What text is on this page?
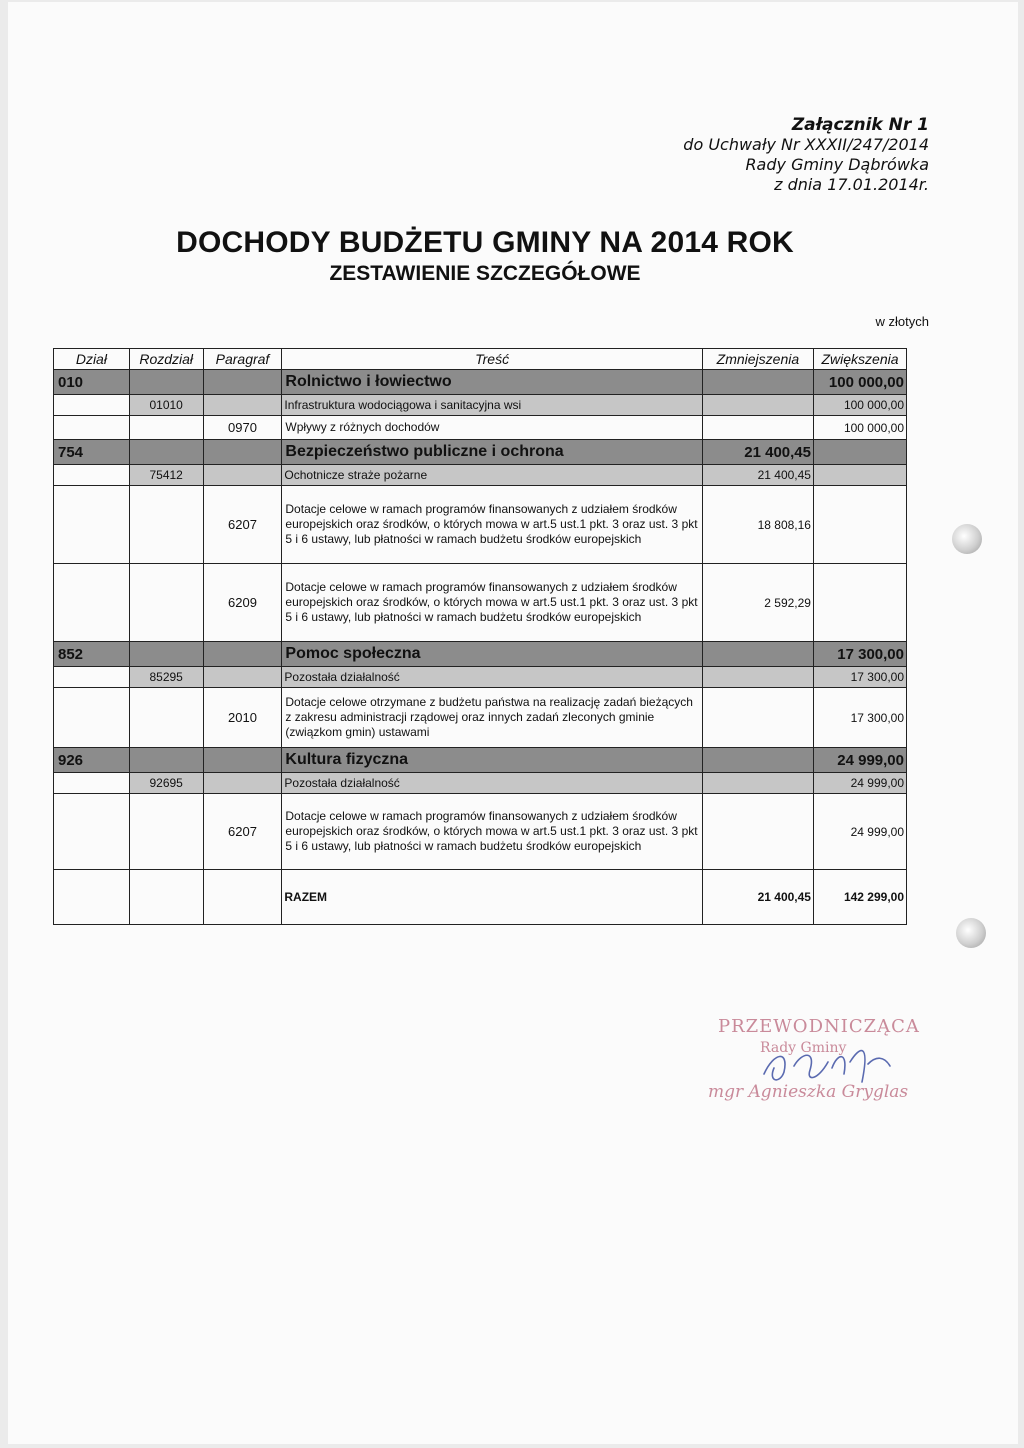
Załącznik Nr 1
do Uchwały Nr XXXII/247/2014
Rady Gminy Dąbrówka
z dnia 17.01.2014r.
DOCHODY BUDŻETU GMINY NA 2014 ROK
ZESTAWIENIE SZCZEGÓŁOWE
w złotych
Dział	Rozdział	Paragraf	Treść	Zmniejszenia	Zwiększenia
010			Rolnictwo i łowiectwo		100 000,00
	01010		Infrastruktura wodociągowa i sanitacyjna wsi		100 000,00
		0970	Wpływy z różnych dochodów		100 000,00
754			Bezpieczeństwo publiczne i ochrona	21 400,45	
	75412		Ochotnicze straże pożarne	21 400,45	
		6207	Dotacje celowe w ramach programów finansowanych z udziałem środków europejskich oraz środków, o których mowa w art.5 ust.1 pkt. 3 oraz ust. 3 pkt 5 i 6 ustawy, lub płatności w ramach budżetu środków europejskich	18 808,16	
		6209	Dotacje celowe w ramach programów finansowanych z udziałem środków europejskich oraz środków, o których mowa w art.5 ust.1 pkt. 3 oraz ust. 3 pkt 5 i 6 ustawy, lub płatności w ramach budżetu środków europejskich	2 592,29	
852			Pomoc społeczna		17 300,00
	85295		Pozostała działalność		17 300,00
		2010	Dotacje celowe otrzymane z budżetu państwa na realizację zadań bieżących z zakresu administracji rządowej oraz innych zadań zleconych gminie (związkom gmin) ustawami		17 300,00
926			Kultura fizyczna		24 999,00
	92695		Pozostała działalność		24 999,00
		6207	Dotacje celowe w ramach programów finansowanych z udziałem środków europejskich oraz środków, o których mowa w art.5 ust.1 pkt. 3 oraz ust. 3 pkt 5 i 6 ustawy, lub płatności w ramach budżetu środków europejskich		24 999,00
			RAZEM	21 400,45	142 299,00
PRZEWODNICZĄCA
Rady Gminy
mgr Agnieszka Gryglas
